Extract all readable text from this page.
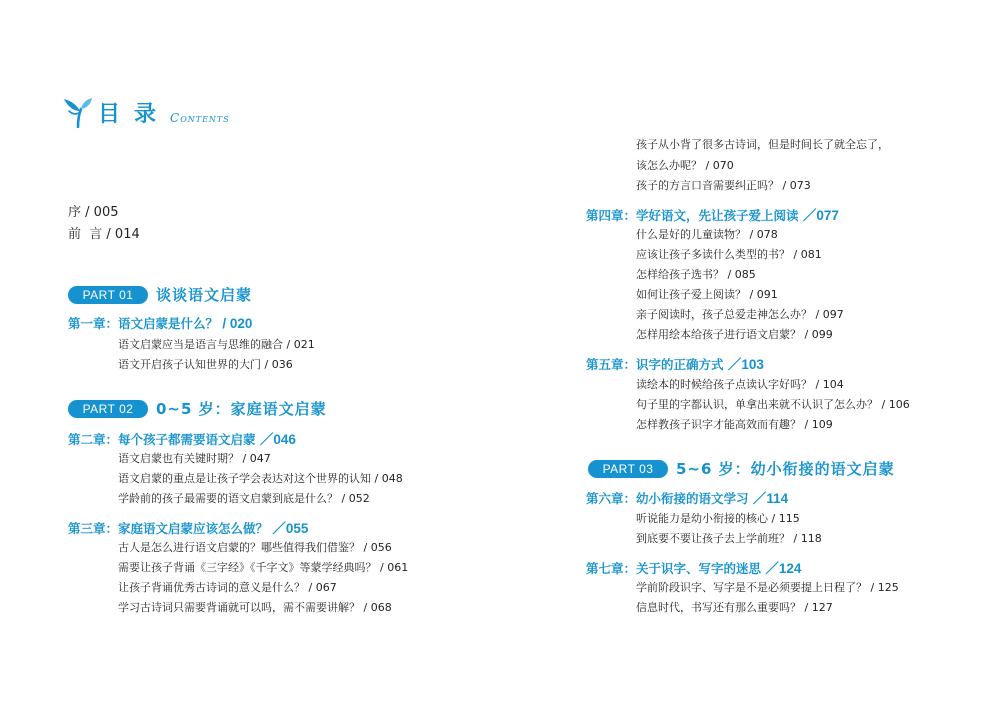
目录 Contents
序 / 005
前  言 / 014
PART 01	谈谈语文启蒙
第一章：语文启蒙是什么？ / 020
语文启蒙应当是语言与思维的融合 / 021
语文开启孩子认知世界的大门 / 036
PART 02	0~5 岁：家庭语文启蒙
第二章：每个孩子都需要语文启蒙 ／046
语文启蒙也有关键时期？ / 047
语文启蒙的重点是让孩子学会表达对这个世界的认知 / 048
学龄前的孩子最需要的语文启蒙到底是什么？ / 052
第三章：家庭语文启蒙应该怎么做？ ／055
古人是怎么进行语文启蒙的？哪些值得我们借鉴？ / 056
需要让孩子背诵《三字经》《千字文》等蒙学经典吗？ / 061
让孩子背诵优秀古诗词的意义是什么？ / 067
学习古诗词只需要背诵就可以吗，需不需要讲解？ / 068
孩子从小背了很多古诗词，但是时间长了就全忘了，
该怎么办呢？ / 070
孩子的方言口音需要纠正吗？ / 073
第四章：学好语文，先让孩子爱上阅读 ／077
什么是好的儿童读物？ / 078
应该让孩子多读什么类型的书？ / 081
怎样给孩子选书？ / 085
如何让孩子爱上阅读？ / 091
亲子阅读时，孩子总爱走神怎么办？ / 097
怎样用绘本给孩子进行语文启蒙？ / 099
第五章：识字的正确方式 ／103
读绘本的时候给孩子点读认字好吗？ / 104
句子里的字都认识，单拿出来就不认识了怎么办？ / 106
怎样教孩子识字才能高效而有趣？ / 109
PART 03	5~6 岁：幼小衔接的语文启蒙
第六章：幼小衔接的语文学习 ／114
听说能力是幼小衔接的核心 / 115
到底要不要让孩子去上学前班？ / 118
第七章：关于识字、写字的迷思 ／124
学前阶段识字、写字是不是必须要提上日程了？ / 125
信息时代，书写还有那么重要吗？ / 127
